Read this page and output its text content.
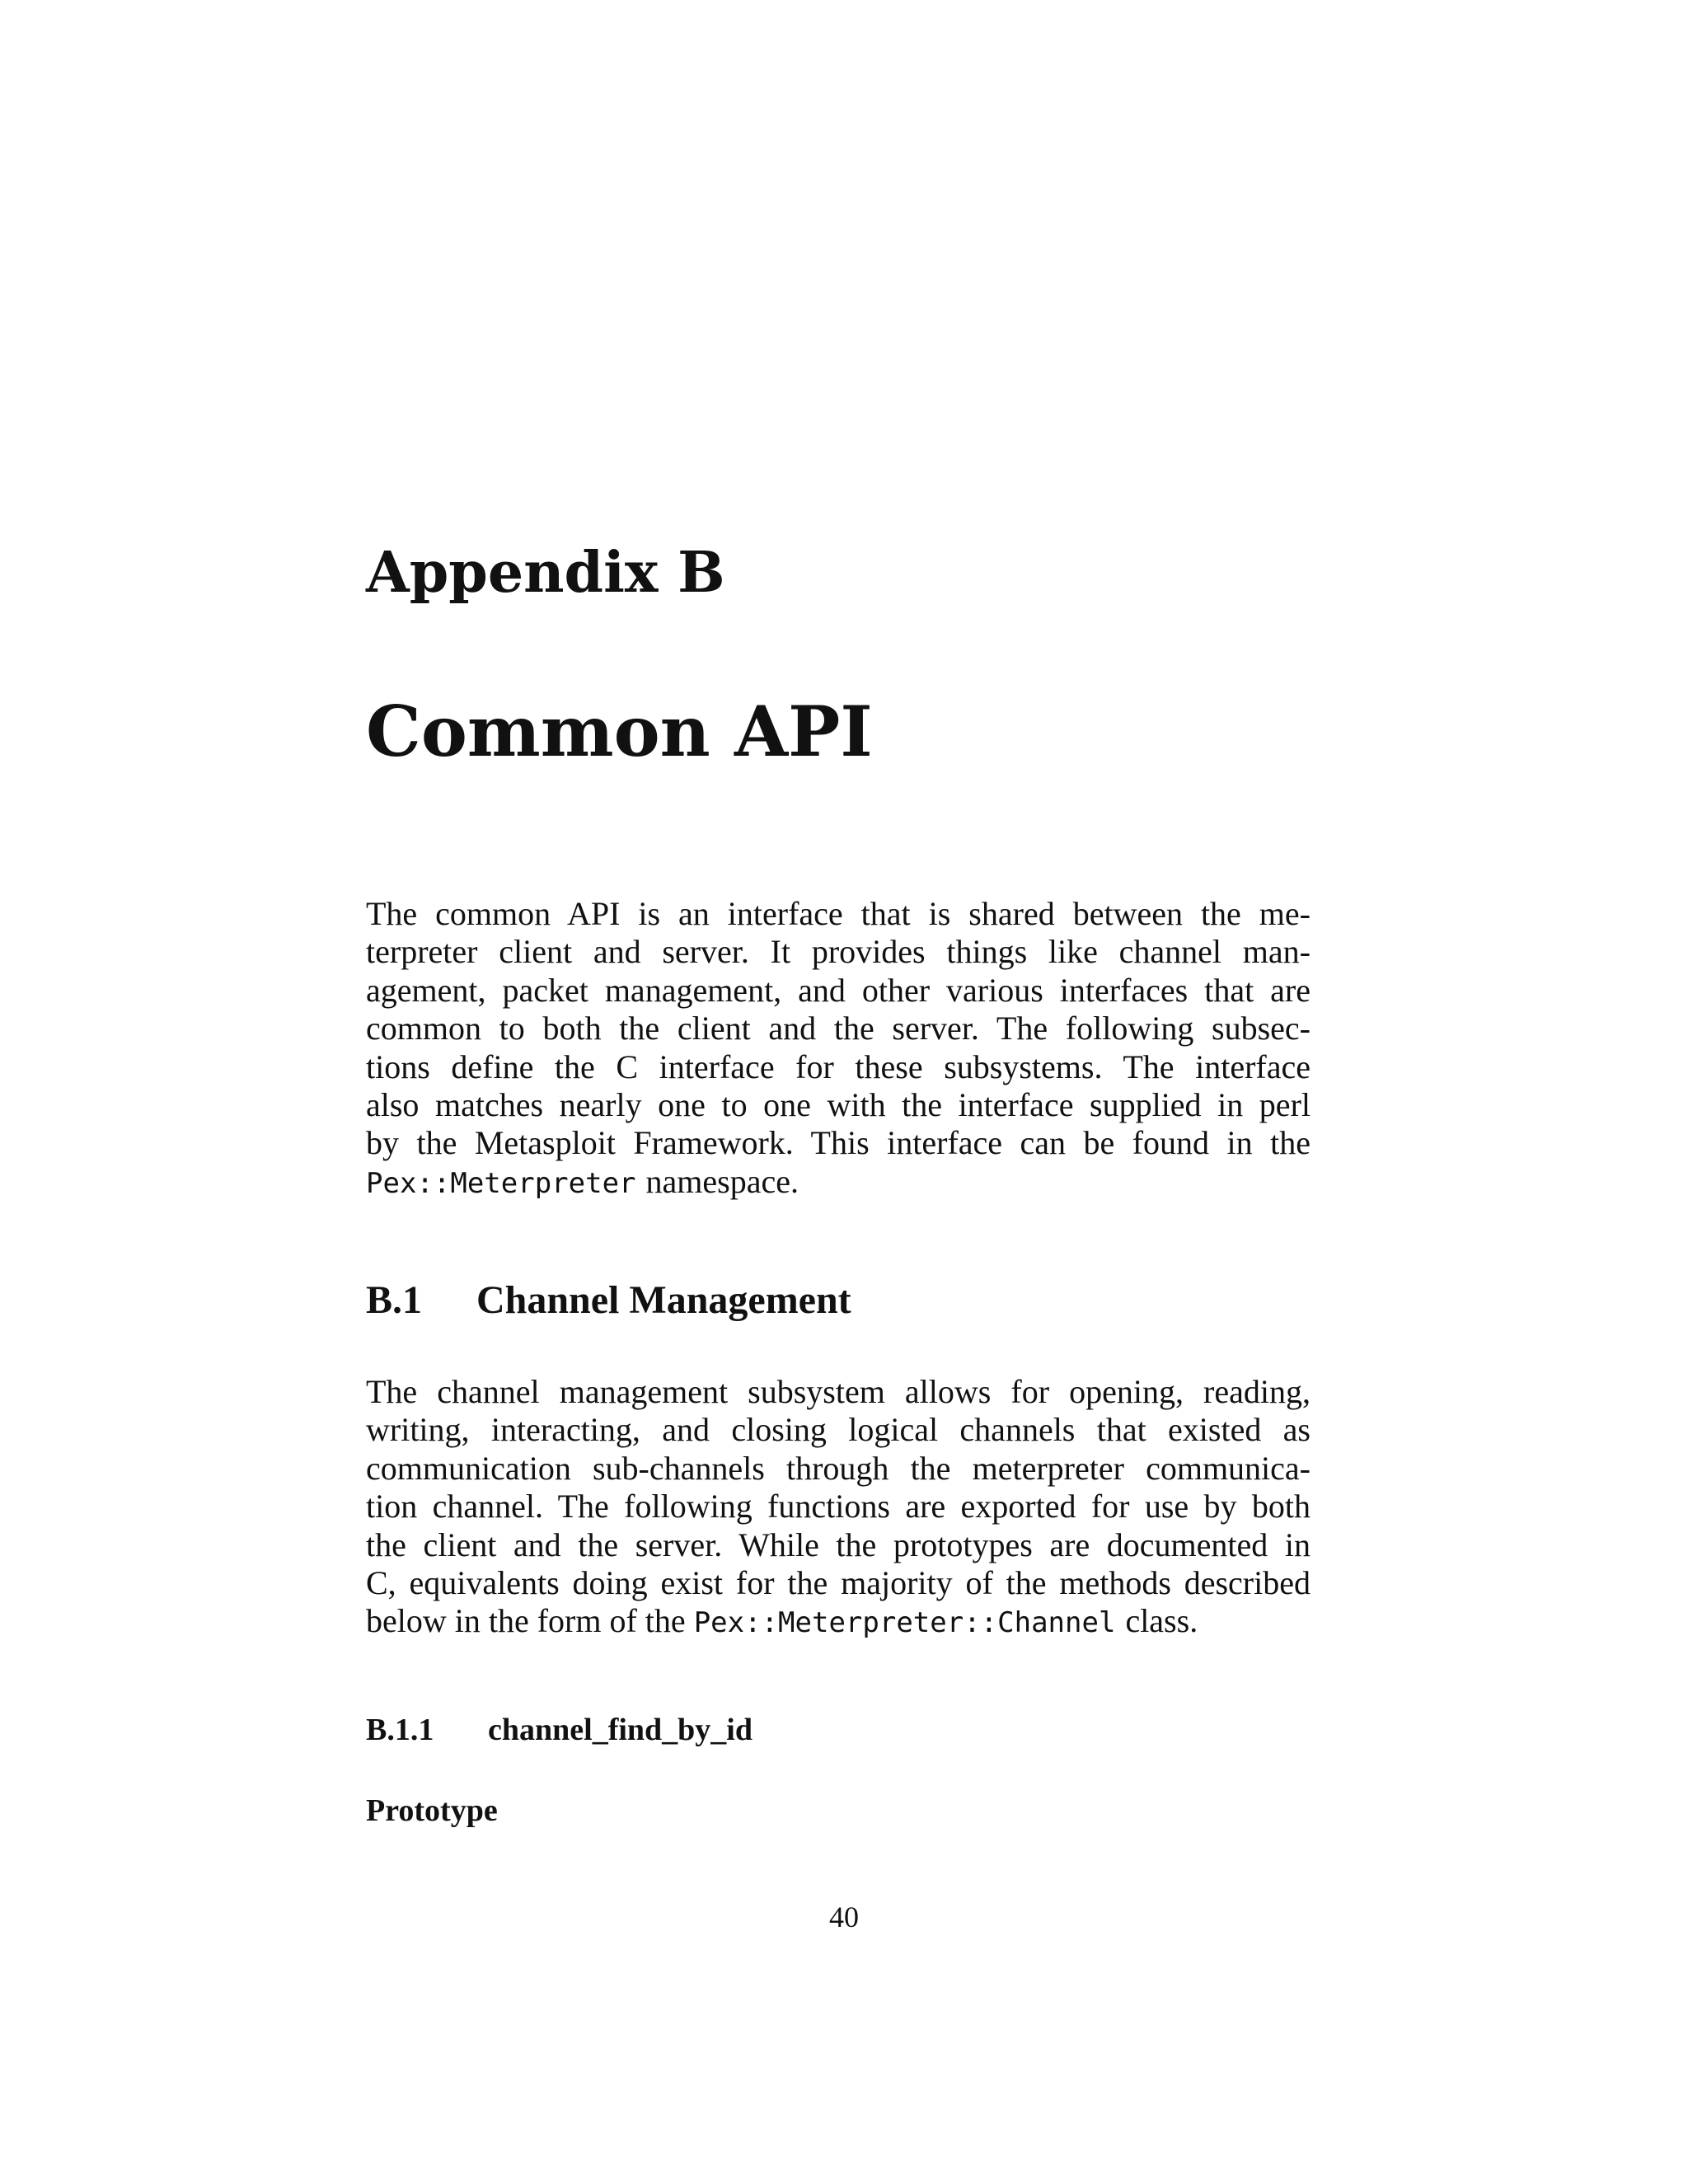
Appendix B
Common API
The common API is an interface that is shared between the me-
terpreter client and server. It provides things like channel man-
agement, packet management, and other various interfaces that are
common to both the client and the server. The following subsec-
tions define the C interface for these subsystems. The interface
also matches nearly one to one with the interface supplied in perl
by the Metasploit Framework. This interface can be found in the
Pex::Meterpreter namespace.
B.1 Channel Management
The channel management subsystem allows for opening, reading,
writing, interacting, and closing logical channels that existed as
communication sub-channels through the meterpreter communica-
tion channel. The following functions are exported for use by both
the client and the server. While the prototypes are documented in
C, equivalents doing exist for the majority of the methods described
below in the form of the Pex::Meterpreter::Channel class.
B.1.1 channel_find_by_id
Prototype
40
